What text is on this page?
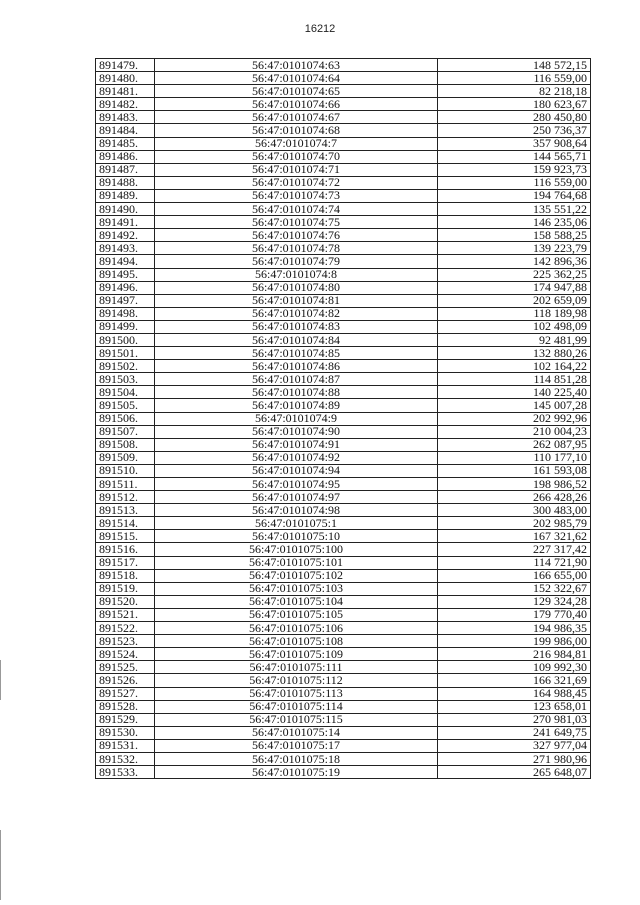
16212
891479.	56:47:0101074:63	148 572,15
891480.	56:47:0101074:64	116 559,00
891481.	56:47:0101074:65	82 218,18
891482.	56:47:0101074:66	180 623,67
891483.	56:47:0101074:67	280 450,80
891484.	56:47:0101074:68	250 736,37
891485.	56:47:0101074:7	357 908,64
891486.	56:47:0101074:70	144 565,71
891487.	56:47:0101074:71	159 923,73
891488.	56:47:0101074:72	116 559,00
891489.	56:47:0101074:73	194 764,68
891490.	56:47:0101074:74	135 551,22
891491.	56:47:0101074:75	146 235,06
891492.	56:47:0101074:76	158 588,25
891493.	56:47:0101074:78	139 223,79
891494.	56:47:0101074:79	142 896,36
891495.	56:47:0101074:8	225 362,25
891496.	56:47:0101074:80	174 947,88
891497.	56:47:0101074:81	202 659,09
891498.	56:47:0101074:82	118 189,98
891499.	56:47:0101074:83	102 498,09
891500.	56:47:0101074:84	92 481,99
891501.	56:47:0101074:85	132 880,26
891502.	56:47:0101074:86	102 164,22
891503.	56:47:0101074:87	114 851,28
891504.	56:47:0101074:88	140 225,40
891505.	56:47:0101074:89	145 007,28
891506.	56:47:0101074:9	202 992,96
891507.	56:47:0101074:90	210 004,23
891508.	56:47:0101074:91	262 087,95
891509.	56:47:0101074:92	110 177,10
891510.	56:47:0101074:94	161 593,08
891511.	56:47:0101074:95	198 986,52
891512.	56:47:0101074:97	266 428,26
891513.	56:47:0101074:98	300 483,00
891514.	56:47:0101075:1	202 985,79
891515.	56:47:0101075:10	167 321,62
891516.	56:47:0101075:100	227 317,42
891517.	56:47:0101075:101	114 721,90
891518.	56:47:0101075:102	166 655,00
891519.	56:47:0101075:103	152 322,67
891520.	56:47:0101075:104	129 324,28
891521.	56:47:0101075:105	179 770,40
891522.	56:47:0101075:106	194 986,35
891523.	56:47:0101075:108	199 986,00
891524.	56:47:0101075:109	216 984,81
891525.	56:47:0101075:111	109 992,30
891526.	56:47:0101075:112	166 321,69
891527.	56:47:0101075:113	164 988,45
891528.	56:47:0101075:114	123 658,01
891529.	56:47:0101075:115	270 981,03
891530.	56:47:0101075:14	241 649,75
891531.	56:47:0101075:17	327 977,04
891532.	56:47:0101075:18	271 980,96
891533.	56:47:0101075:19	265 648,07
